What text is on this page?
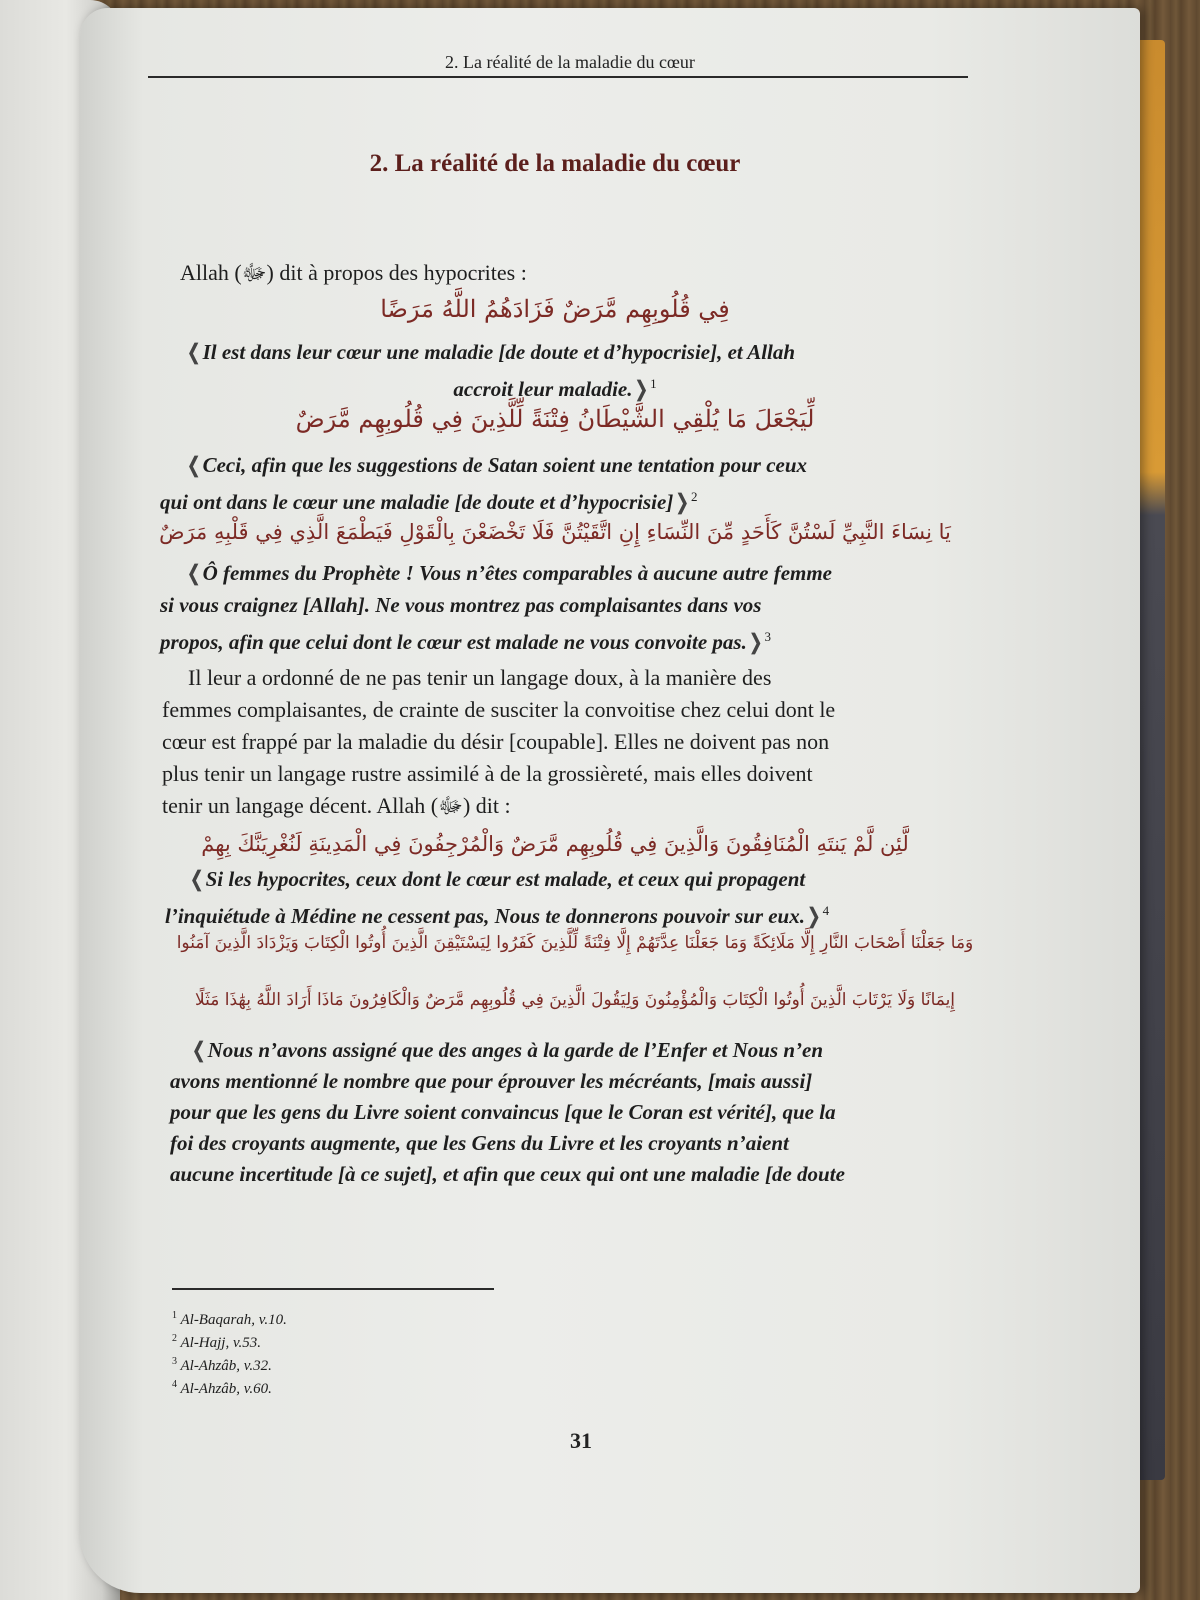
2. La réalité de la maladie du cœur
2. La réalité de la maladie du cœur
Allah (ﷻ) dit à propos des hypocrites :
فِي قُلُوبِهِم مَّرَضٌ فَزَادَهُمُ اللَّهُ مَرَضًا
❬Il est dans leur cœur une maladie [de doute et d’hypocrisie], et Allah
accroit leur maladie.❭$^1$
لِّيَجْعَلَ مَا يُلْقِي الشَّيْطَانُ فِتْنَةً لِّلَّذِينَ فِي قُلُوبِهِم مَّرَضٌ
❬Ceci, afin que les suggestions de Satan soient une tentation pour ceux
qui ont dans le cœur une maladie [de doute et d’hypocrisie]❭$^2$
يَا نِسَاءَ النَّبِيِّ لَسْتُنَّ كَأَحَدٍ مِّنَ النِّسَاءِ إِنِ اتَّقَيْتُنَّ فَلَا تَخْضَعْنَ بِالْقَوْلِ فَيَطْمَعَ الَّذِي فِي قَلْبِهِ مَرَضٌ
❬Ô femmes du Prophète ! Vous n’êtes comparables à aucune autre femme
si vous craignez [Allah]. Ne vous montrez pas complaisantes dans vos
propos, afin que celui dont le cœur est malade ne vous convoite pas.❭$^3$
Il leur a ordonné de ne pas tenir un langage doux, à la manière des
femmes complaisantes, de crainte de susciter la convoitise chez celui dont le
cœur est frappé par la maladie du désir [coupable]. Elles ne doivent pas non
plus tenir un langage rustre assimilé à de la grossièreté, mais elles doivent
tenir un langage décent. Allah (ﷻ) dit :
لَّئِن لَّمْ يَنتَهِ الْمُنَافِقُونَ وَالَّذِينَ فِي قُلُوبِهِم مَّرَضٌ وَالْمُرْجِفُونَ فِي الْمَدِينَةِ لَنُغْرِيَنَّكَ بِهِمْ
❬Si les hypocrites, ceux dont le cœur est malade, et ceux qui propagent
l’inquiétude à Médine ne cessent pas, Nous te donnerons pouvoir sur eux.❭$^4$
وَمَا جَعَلْنَا أَصْحَابَ النَّارِ إِلَّا مَلَائِكَةً وَمَا جَعَلْنَا عِدَّتَهُمْ إِلَّا فِتْنَةً لِّلَّذِينَ كَفَرُوا لِيَسْتَيْقِنَ الَّذِينَ أُوتُوا الْكِتَابَ وَيَزْدَادَ الَّذِينَ آمَنُوا
إِيمَانًا وَلَا يَرْتَابَ الَّذِينَ أُوتُوا الْكِتَابَ وَالْمُؤْمِنُونَ وَلِيَقُولَ الَّذِينَ فِي قُلُوبِهِم مَّرَضٌ وَالْكَافِرُونَ مَاذَا أَرَادَ اللَّهُ بِهَٰذَا مَثَلًا
❬Nous n’avons assigné que des anges à la garde de l’Enfer et Nous n’en
avons mentionné le nombre que pour éprouver les mécréants, [mais aussi]
pour que les gens du Livre soient convaincus [que le Coran est vérité], que la
foi des croyants augmente, que les Gens du Livre et les croyants n’aient
aucune incertitude [à ce sujet], et afin que ceux qui ont une maladie [de doute
$^1$ Al-Baqarah, v.10.
$^2$ Al-Hajj, v.53.
$^3$ Al-Ahzâb, v.32.
$^4$ Al-Ahzâb, v.60.
31
